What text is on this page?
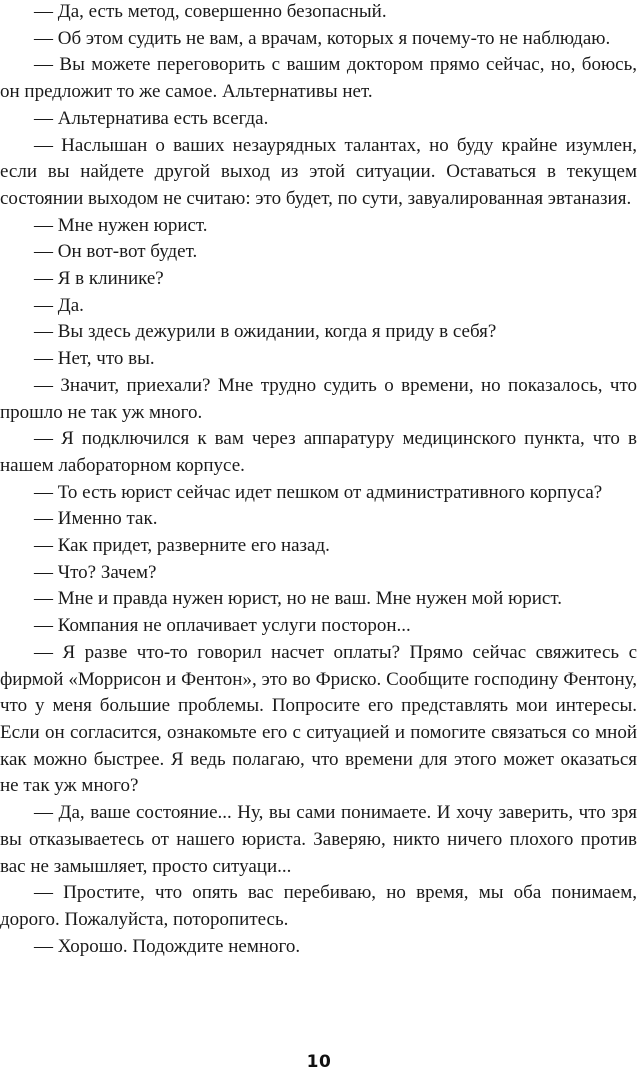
— Да, есть метод, совершенно безопасный.

— Об этом судить не вам, а врачам, которых я почему-то не наблюдаю.

— Вы можете переговорить с вашим доктором прямо сейчас, но, боюсь, он предложит то же самое. Альтернативы нет.

— Альтернатива есть всегда.

— Наслышан о ваших незаурядных талантах, но буду крайне изумлен, если вы найдете другой выход из этой ситуации. Оставаться в текущем состоянии выходом не считаю: это будет, по сути, завуалированная эвтаназия.

— Мне нужен юрист.

— Он вот-вот будет.

— Я в клинике?

— Да.

— Вы здесь дежурили в ожидании, когда я приду в себя?

— Нет, что вы.

— Значит, приехали? Мне трудно судить о времени, но показалось, что прошло не так уж много.

— Я подключился к вам через аппаратуру медицинского пункта, что в нашем лабораторном корпусе.

— То есть юрист сейчас идет пешком от административного корпуса?

— Именно так.

— Как придет, разверните его назад.

— Что? Зачем?

— Мне и правда нужен юрист, но не ваш. Мне нужен мой юрист.

— Компания не оплачивает услуги посторон...

— Я разве что-то говорил насчет оплаты? Прямо сейчас свяжитесь с фирмой «Моррисон и Фентон», это во Фриско. Сообщите господину Фентону, что у меня большие проблемы. Попросите его представлять мои интересы. Если он согласится, ознакомьте его с ситуацией и помогите связаться со мной как можно быстрее. Я ведь полагаю, что времени для этого может оказаться не так уж много?

— Да, ваше состояние... Ну, вы сами понимаете. И хочу заверить, что зря вы отказываетесь от нашего юриста. Заверяю, никто ничего плохого против вас не замышляет, просто ситуаци...

— Простите, что опять вас перебиваю, но время, мы оба понимаем, дорого. Пожалуйста, поторопитесь.

— Хорошо. Подождите немного.

10
